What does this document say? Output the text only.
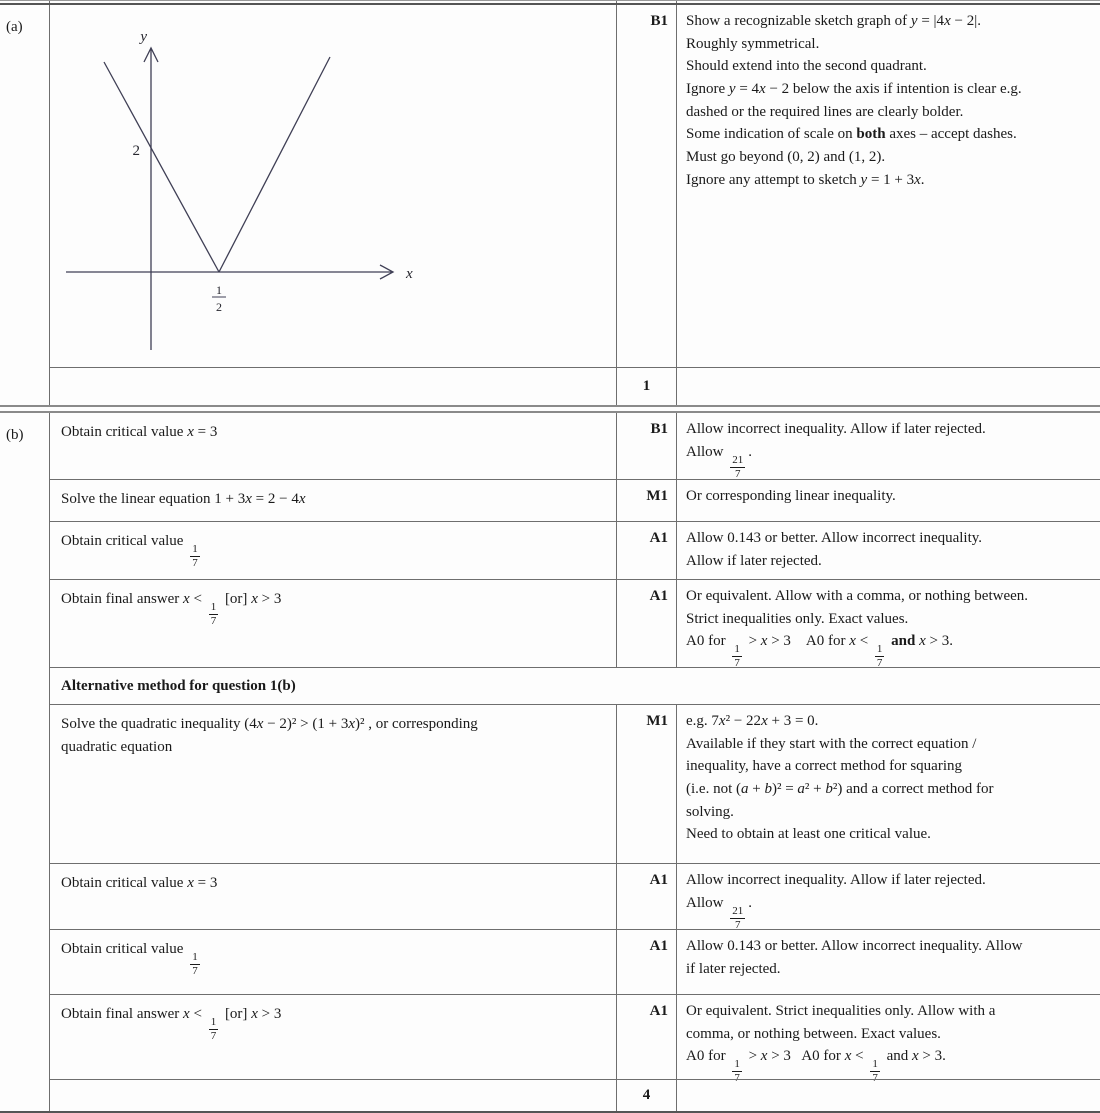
(a)
y
x
2
1
2
B1	Show a recognizable sketch graph of y = |4x − 2|.
Roughly symmetrical.
Should extend into the second quadrant.
Ignore y = 4x − 2 below the axis if intention is clear e.g.
dashed or the required lines are clearly bolder.
Some indication of scale on both axes – accept dashes.
Must go beyond (0, 2) and (1, 2).
Ignore any attempt to sketch y = 1 + 3x.
1
(b)	Obtain critical value x = 3	B1	Allow incorrect inequality. Allow if later rejected.
Allow
$\frac{21}{7}$
.
Solve the linear equation 1 + 3x = 2 − 4x	M1	Or corresponding linear inequality.
Obtain critical value
$\frac{1}{7}$
A1	Allow 0.143 or better. Allow incorrect inequality.
Allow if later rejected.
Obtain final answer x <
$\frac{1}{7}$
[or] x > 3	A1	Or equivalent. Allow with a comma, or nothing between.
Strict inequalities only. Exact values.
A0 for
$\frac{1}{7}$
> x > 3 A0 for x <
$\frac{1}{7}$
and x > 3.
Alternative method for question 1(b)
Solve the quadratic inequality (4x − 2)² > (1 + 3x)² , or corresponding
quadratic equation
M1	e.g. 7x² − 22x + 3 = 0.
Available if they start with the correct equation /
inequality, have a correct method for squaring
(i.e. not (a + b)² = a² + b²) and a correct method for
solving.
Need to obtain at least one critical value.
Obtain critical value x = 3	A1	Allow incorrect inequality. Allow if later rejected.
Allow
$\frac{21}{7}$
.
Obtain critical value
$\frac{1}{7}$
A1	Allow 0.143 or better. Allow incorrect inequality. Allow
if later rejected.
Obtain final answer x <
$\frac{1}{7}$
[or] x > 3	A1	Or equivalent. Strict inequalities only. Allow with a
comma, or nothing between. Exact values.
A0 for
$\frac{1}{7}$
> x > 3  A0 for x <
$\frac{1}{7}$
and x > 3.
4
